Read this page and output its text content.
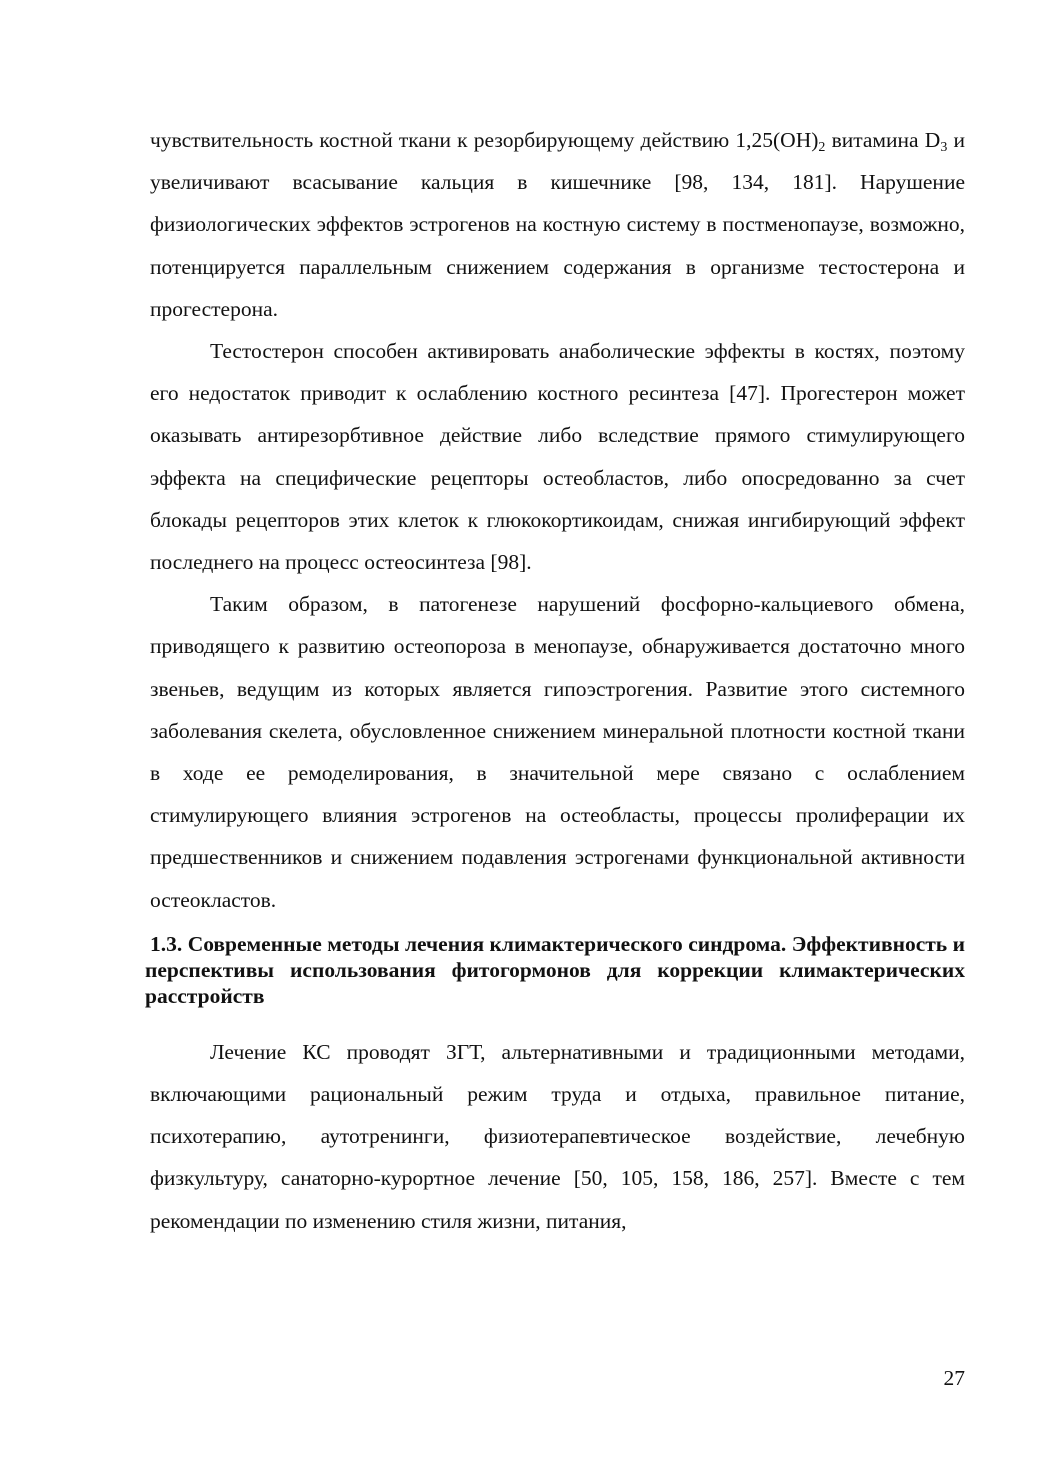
чувствительность костной ткани к резорбирующему действию $1,25(OH)_2$ витамина $D_3$ и увеличивают всасывание кальция в кишечнике [98, 134, 181]. Нарушение физиологических эффектов эстрогенов на костную систему в постменопаузе, возможно, потенцируется параллельным снижением содержания в организме тестостерона и прогестерона.

Тестостерон способен активировать анаболические эффекты в костях, поэтому его недостаток приводит к ослаблению костного ресинтеза [47]. Прогестерон может оказывать антирезорбтивное действие либо вследствие прямого стимулирующего эффекта на специфические рецепторы остеобластов, либо опосредованно за счет блокады рецепторов этих клеток к глюкокортикоидам, снижая ингибирующий эффект последнего на процесс остеосинтеза [98].

Таким образом, в патогенезе нарушений фосфорно-кальциевого обмена, приводящего к развитию остеопороза в менопаузе, обнаруживается достаточно много звеньев, ведущим из которых является гипоэстрогения. Развитие этого системного заболевания скелета, обусловленное снижением минеральной плотности костной ткани в ходе ее ремоделирования, в значительной мере связано с ослаблением стимулирующего влияния эстрогенов на остеобласты, процессы пролиферации их предшественников и снижением подавления эстрогенами функциональной активности остеокластов.

1.3. Современные методы лечения климактерического синдрома. Эффективность и перспективы использования фитогормонов для коррекции климактерических расстройств

Лечение КС проводят ЗГТ, альтернативными и традиционными методами, включающими рациональный режим труда и отдыха, правильное питание, психотерапию, аутотренинги, физиотерапевтическое воздействие, лечебную физкультуру, санаторно-курортное лечение [50, 105, 158, 186, 257]. Вместе с тем рекомендации по изменению стиля жизни, питания,

27
